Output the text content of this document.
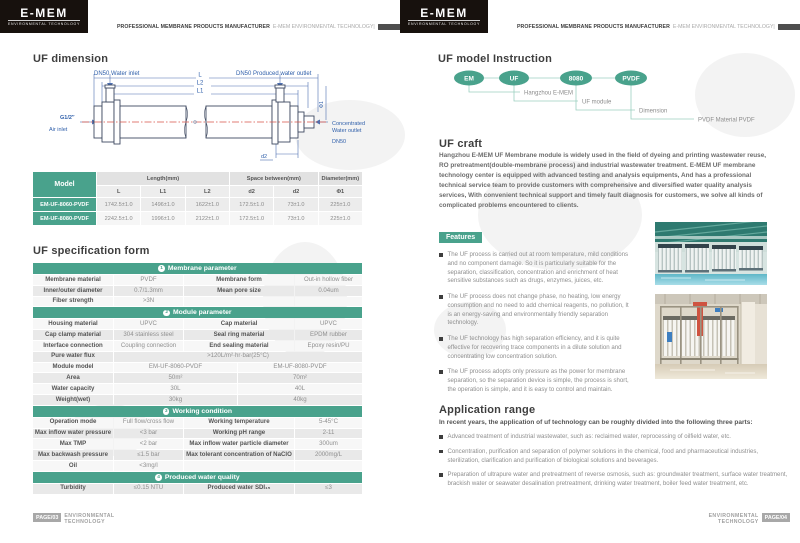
E-MEM
ENVIRONMENTAL TECHNOLOGY	PROFESSIONAL MEMBRANE PRODUCTS MANUFACTURER E-MEM ENVIRONMENTAL TECHNOLOGY|
UF dimension
DN50 Water inlet	DN50 Produced water outlet
L
L2
L1
G1/2″
Air inlet
Concentrated
Water outlet
DN50
d2
Φ1
Φ
Model
Length(mm)	Space between(mm)	Diameter(mm)
L	L1	L2	d2	d2	Φ1
EM-UF-8060-PVDF	1742.5±1.0	1496±1.0	1622±1.0	172.5±1.0	73±1.0	225±1.0
EM-UF-8080-PVDF	2242.5±1.0	1996±1.0	2122±1.0	172.5±1.0	73±1.0	225±1.0
UF specification form
1 Membrane parameter
Membrane material	PVDF	Membrane form	Out-in hollow fiber
Inner/outer diameter	0.7/1.3mm	Mean pore size	0.04um
Fiber strength	>3N
2 Module parameter
Housing material	UPVC	Cap material	UPVC
Cap clamp material	304 stainless steel	Seal ring material	EPDM rubber
Interface connection	Coupling connection	End sealing material	Epoxy resin/PU
Pure water flux	>120L/m²·hr·bar(25°C)
Module model	EM-UF-8060-PVDF	EM-UF-8080-PVDF
Area	50m²	70m²
Water capacity	30L	40L
Weight(wet)	30kg	40kg
3 Working condition
Operation mode	Full flow/cross flow	Working temperature	5-45°C
Max inflow water pressure	<3 bar	Working pH range	2-11
Max TMP	<2 bar	Max inflow water particle diameter	300um
Max backwash pressure	≤1.5 bar	Max tolerant concentration of NaClO	2000mg/L
Oil	<3mg/l
4 Produced water quality
Turbidity	≤0.15 NTU	Produced water SDI₁₅	≤3
PAGE/03	ENVIRONMENTAL
TECHNOLOGY
E-MEM
ENVIRONMENTAL TECHNOLOGY	PROFESSIONAL MEMBRANE PRODUCTS MANUFACTURER E-MEM ENVIRONMENTAL TECHNOLOGY|
UF model Instruction
EM	UF	8080	PVDF
Hangzhou E-MEM
UF module
Dimension
PVDF Material PVDF
UF craft
Hangzhou E-MEM UF Membrane module is widely used in the field of dyeing and printing wastewater reuse, RO pretreatment(double-membrane process) and industrial wastewater treatment. E-MEM UF membrane technology center is equipped with advanced testing and analysis equipments, And has a professional technical service team to provide customers with comprehensive and diversified water quality analysis services, With convenient technical support and timely fault diagnosis for customers, we solve all kinds of complicated problems encountered to clients.
Features
The UF process is carried out at room temperature, mild conditions and no component damage. So it is particularly suitable for the separation, classification, concentration and enrichment of heat sensitive substances such as drugs, enzymes, juices, etc.
The UF process does not change phase, no heating, low energy consumption and no need to add chemical reagents, no pollution, It is an energy-saving and environmentally friendly separation technology.
The UF technology has high separation efficiency, and it is quite effective for recovering trace components in a dilute solution and concentrating low concentration solution.
The UF process adopts only pressure as the power for membrane separation, so the separation device is simple, the process is short, the operation is simple, and it is easy to control and maintain.
Application range
In recent years, the application of uf technology can be roughly divided into the following three parts:
Advanced treatment of industrial wastewater, such as: reclaimed water, reprocessing of oilfield water, etc.
Concentration, purification and separation of polymer solutions in the chemical, food and pharmaceutical industries, sterilization, clarification and purification of biological solutions and beverages.
Preparation of ultrapure water and pretreatment of reverse osmosis, such as: groundwater treatment, surface water treatment, brackish water or seawater desalination pretreatment, drinking water treatment, boiler feed water treatment, etc.
ENVIRONMENTAL
TECHNOLOGY
PAGE/04
